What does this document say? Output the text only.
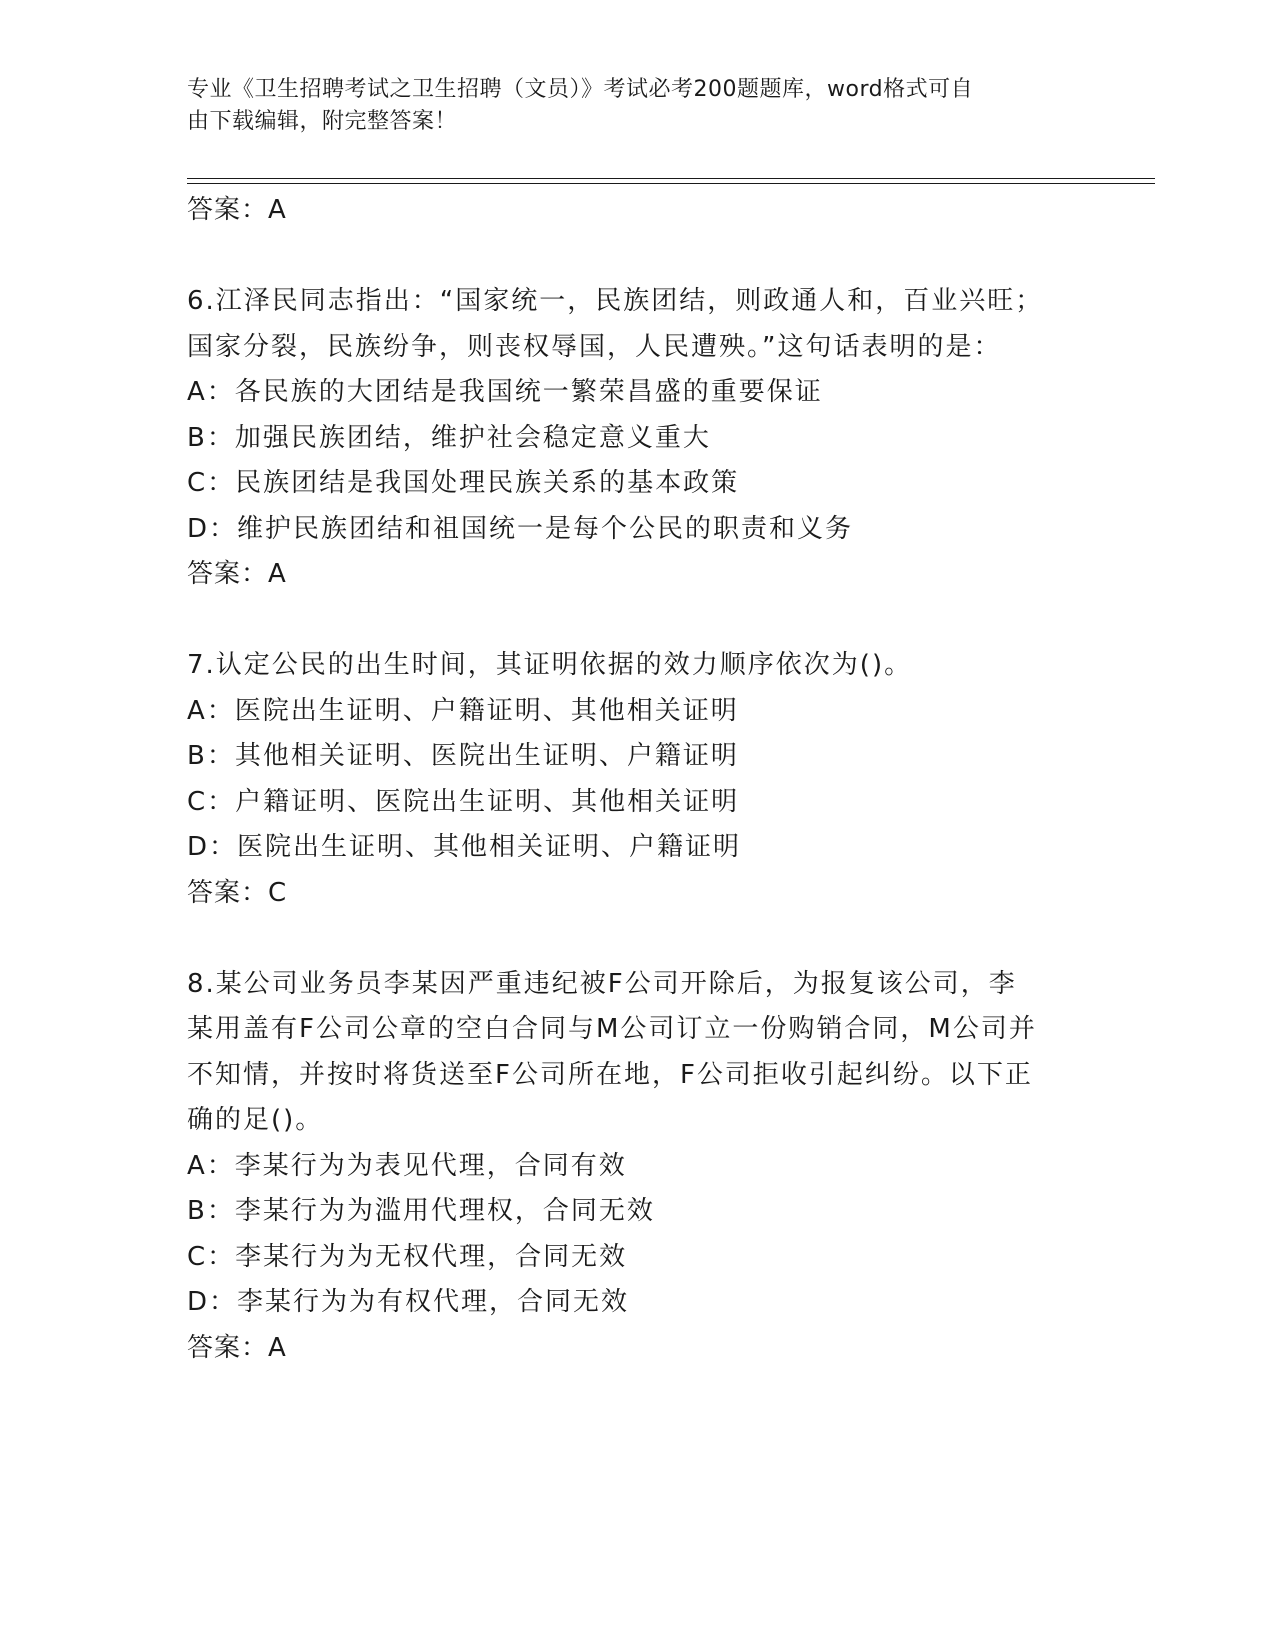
专业《卫生招聘考试之卫生招聘（文员）》考试必考200题题库，word格式可自
由下载编辑，附完整答案！
答案：A
6.江泽民同志指出：“国家统一，民族团结，则政通人和，百业兴旺；
国家分裂，民族纷争，则丧权辱国，人民遭殃。”这句话表明的是：
A：各民族的大团结是我国统一繁荣昌盛的重要保证
B：加强民族团结，维护社会稳定意义重大
C：民族团结是我国处理民族关系的基本政策
D：维护民族团结和祖国统一是每个公民的职责和义务
答案：A
7.认定公民的出生时间，其证明依据的效力顺序依次为()。
A：医院出生证明、户籍证明、其他相关证明
B：其他相关证明、医院出生证明、户籍证明
C：户籍证明、医院出生证明、其他相关证明
D：医院出生证明、其他相关证明、户籍证明
答案：C
8.某公司业务员李某因严重违纪被F公司开除后，为报复该公司，李
某用盖有F公司公章的空白合同与M公司订立一份购销合同，M公司并
不知情，并按时将货送至F公司所在地，F公司拒收引起纠纷。以下正
确的足()。
A：李某行为为表见代理，合同有效
B：李某行为为滥用代理权，合同无效
C：李某行为为无权代理，合同无效
D：李某行为为有权代理，合同无效
答案：A
